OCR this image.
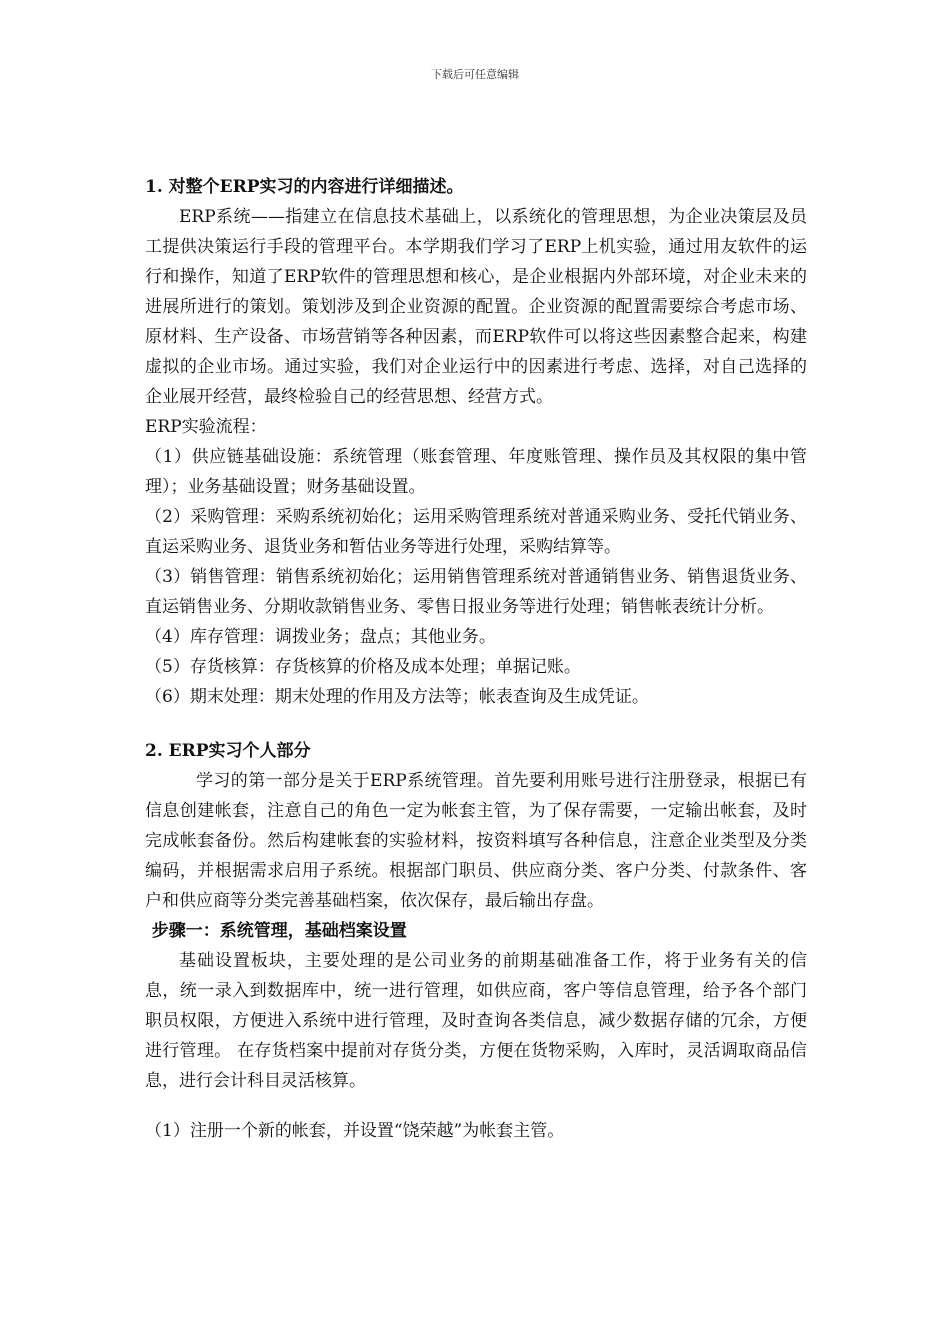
下载后可任意编辑

1. 对整个ERP实习的内容进行详细描述。

ERP系统——指建立在信息技术基础上，以系统化的管理思想，为企业决策层及员工提供决策运行手段的管理平台。本学期我们学习了ERP上机实验，通过用友软件的运行和操作，知道了ERP软件的管理思想和核心，是企业根据内外部环境，对企业未来的进展所进行的策划。策划涉及到企业资源的配置。企业资源的配置需要综合考虑市场、原材料、生产设备、市场营销等各种因素，而ERP软件可以将这些因素整合起来，构建虚拟的企业市场。通过实验，我们对企业运行中的因素进行考虑、选择，对自己选择的企业展开经营，最终检验自己的经营思想、经营方式。

ERP实验流程：

（1）供应链基础设施：系统管理（账套管理、年度账管理、操作员及其权限的集中管理）；业务基础设置；财务基础设置。

（2）采购管理：采购系统初始化；运用采购管理系统对普通采购业务、受托代销业务、直运采购业务、退货业务和暂估业务等进行处理，采购结算等。

（3）销售管理：销售系统初始化；运用销售管理系统对普通销售业务、销售退货业务、直运销售业务、分期收款销售业务、零售日报业务等进行处理；销售帐表统计分析。

（4）库存管理：调拨业务；盘点；其他业务。

（5）存货核算：存货核算的价格及成本处理；单据记账。

（6）期末处理：期末处理的作用及方法等；帐表查询及生成凭证。

2. ERP实习个人部分

学习的第一部分是关于ERP系统管理。首先要利用账号进行注册登录，根据已有信息创建帐套，注意自己的角色一定为帐套主管，为了保存需要，一定输出帐套，及时完成帐套备份。然后构建帐套的实验材料，按资料填写各种信息，注意企业类型及分类编码，并根据需求启用子系统。根据部门职员、供应商分类、客户分类、付款条件、客户和供应商等分类完善基础档案，依次保存，最后输出存盘。

步骤一：系统管理，基础档案设置

基础设置板块，主要处理的是公司业务的前期基础准备工作，将于业务有关的信息，统一录入到数据库中，统一进行管理，如供应商，客户等信息管理，给予各个部门职员权限，方便进入系统中进行管理，及时查询各类信息，减少数据存储的冗余，方便进行管理。 在存货档案中提前对存货分类，方便在货物采购，入库时，灵活调取商品信息，进行会计科目灵活核算。

（1）注册一个新的帐套，并设置“饶荣越”为帐套主管。
